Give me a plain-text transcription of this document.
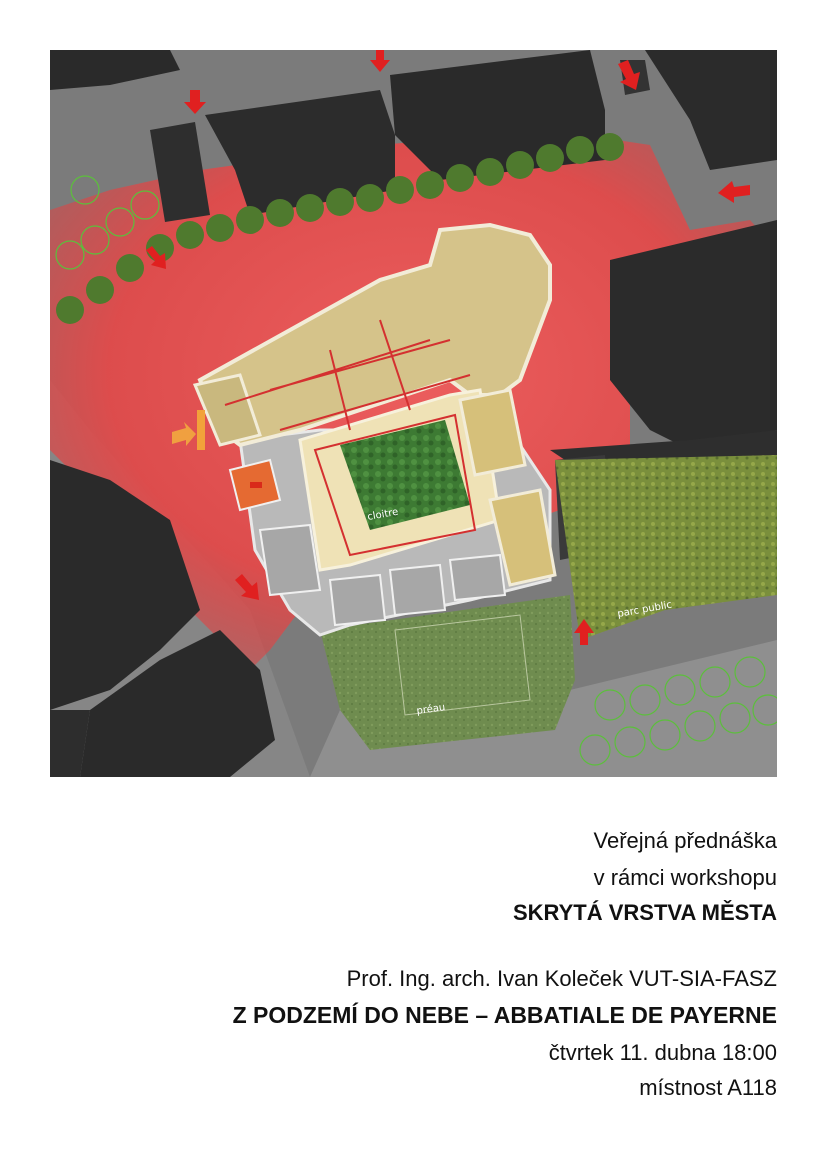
cloitre
parc public
préau
Veřejná přednáška
v rámci workshopu
SKRYTÁ VRSTVA MĚSTA
Prof. Ing. arch. Ivan Koleček VUT-SIA-FASZ
Z PODZEMÍ DO NEBE – ABBATIALE DE PAYERNE
čtvrtek 11. dubna 18:00
místnost A118
